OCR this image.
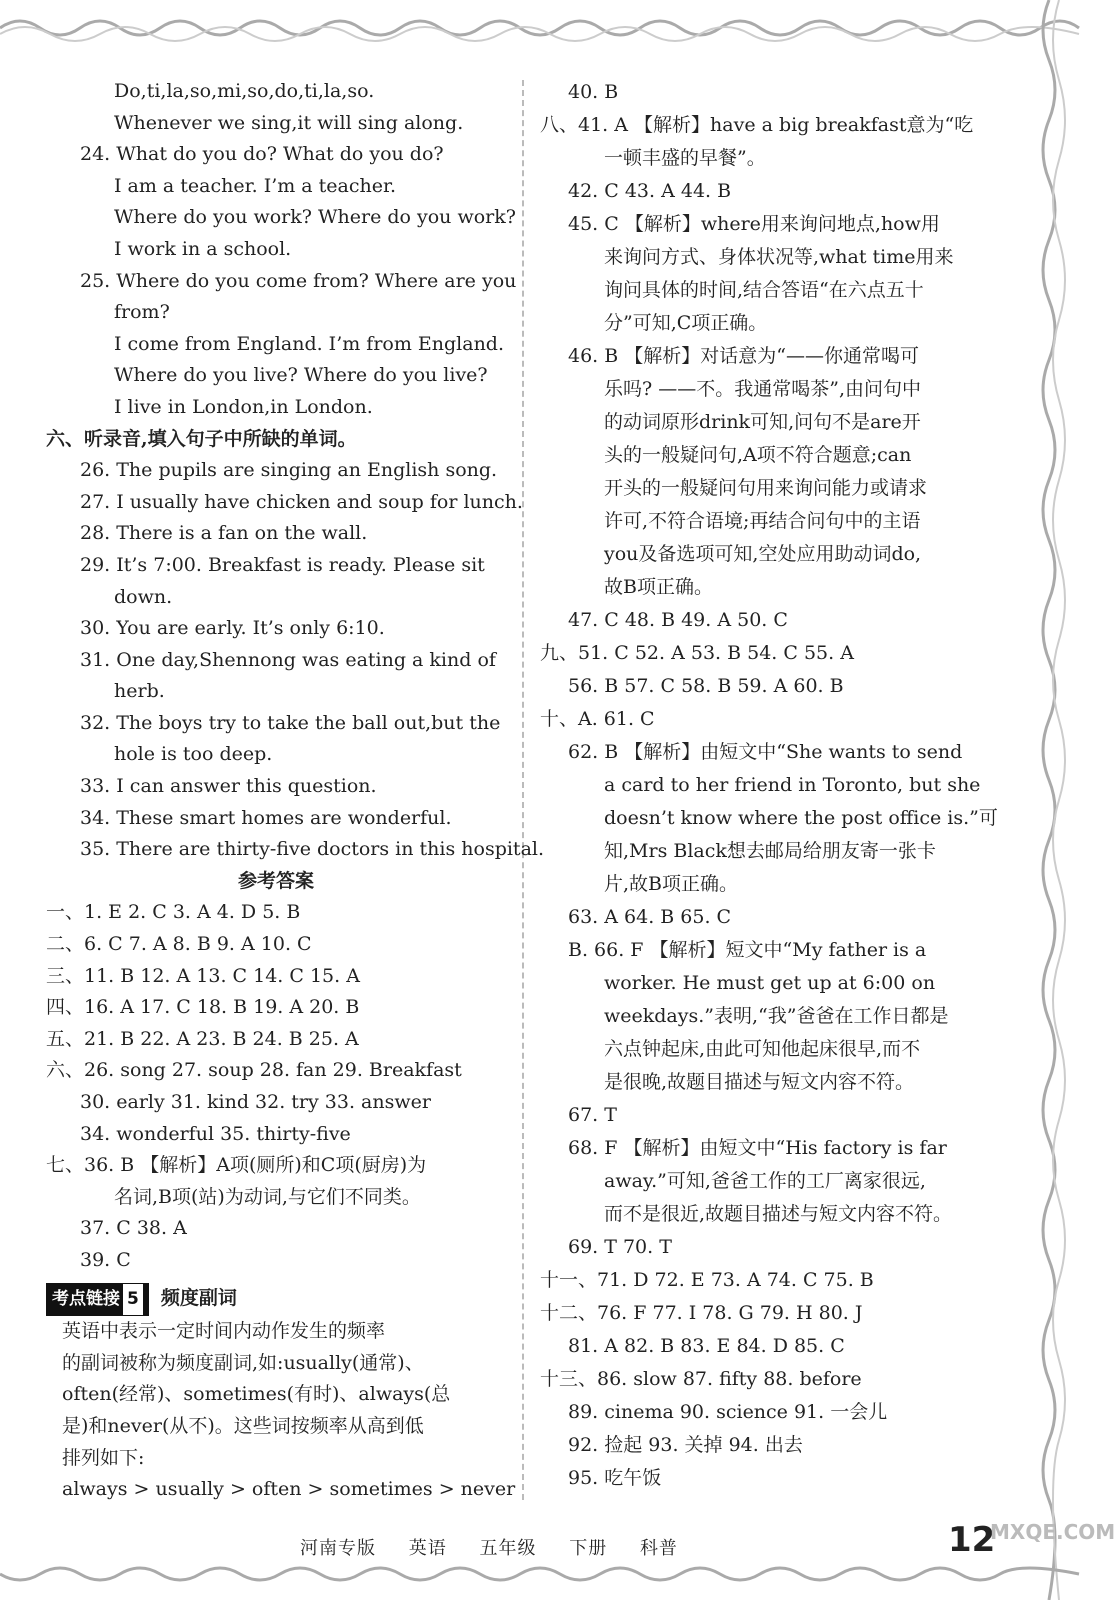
Do,ti,la,so,mi,so,do,ti,la,so.
Whenever we sing,it will sing along.
24. What do you do? What do you do?
I am a teacher. I’m a teacher.
Where do you work? Where do you work?
I work in a school.
25. Where do you come from? Where are you
from?
I come from England. I’m from England.
Where do you live? Where do you live?
I live in London,in London.
六、听录音,填入句子中所缺的单词。
26. The pupils are singing an English song.
27. I usually have chicken and soup for lunch.
28. There is a fan on the wall.
29. It’s 7:00. Breakfast is ready. Please sit
down.
30. You are early. It’s only 6:10.
31. One day,Shennong was eating a kind of
herb.
32. The boys try to take the ball out,but the
hole is too deep.
33. I can answer this question.
34. These smart homes are wonderful.
35. There are thirty-five doctors in this hospital.
参考答案
一、1. E 2. C 3. A 4. D 5. B
二、6. C 7. A 8. B 9. A 10. C
三、11. B 12. A 13. C 14. C 15. A
四、16. A 17. C 18. B 19. A 20. B
五、21. B 22. A 23. B 24. B 25. A
六、26. song 27. soup 28. fan 29. Breakfast
30. early 31. kind 32. try 33. answer
34. wonderful 35. thirty-five
七、36. B 【解析】A项(厕所)和C项(厨房)为
名词,B项(站)为动词,与它们不同类。
37. C 38. A
39. C
考点链接 5 频度副词
英语中表示一定时间内动作发生的频率
的副词被称为频度副词,如:usually(通常)、
often(经常)、sometimes(有时)、always(总
是)和never(从不)。这些词按频率从高到低
排列如下:
always > usually > often > sometimes > never
40. B
八、41. A 【解析】have a big breakfast意为“吃
一顿丰盛的早餐”。
42. C 43. A 44. B
45. C 【解析】where用来询问地点,how用
来询问方式、身体状况等,what time用来
询问具体的时间,结合答语“在六点五十
分”可知,C项正确。
46. B 【解析】对话意为“——你通常喝可
乐吗? ——不。我通常喝茶”,由问句中
的动词原形drink可知,问句不是are开
头的一般疑问句,A项不符合题意;can
开头的一般疑问句用来询问能力或请求
许可,不符合语境;再结合问句中的主语
you及备选项可知,空处应用助动词do,
故B项正确。
47. C 48. B 49. A 50. C
九、51. C 52. A 53. B 54. C 55. A
56. B 57. C 58. B 59. A 60. B
十、A. 61. C
62. B 【解析】由短文中“She wants to send
a card to her friend in Toronto, but she
doesn’t know where the post office is.”可
知,Mrs Black想去邮局给朋友寄一张卡
片,故B项正确。
63. A 64. B 65. C
B. 66. F 【解析】短文中“My father is a
worker. He must get up at 6:00 on
weekdays.”表明,“我”爸爸在工作日都是
六点钟起床,由此可知他起床很早,而不
是很晚,故题目描述与短文内容不符。
67. T
68. F 【解析】由短文中“His factory is far
away.”可知,爸爸工作的工厂离家很远,
而不是很近,故题目描述与短文内容不符。
69. T 70. T
十一、71. D 72. E 73. A 74. C 75. B
十二、76. F 77. I 78. G 79. H 80. J
81. A 82. B 83. E 84. D 85. C
十三、86. slow 87. fifty 88. before
89. cinema 90. science 91. 一会儿
92. 捡起 93. 关掉 94. 出去
95. 吃午饭
河南专版 英语 五年级 下册 科普	12
MXQE.COM
